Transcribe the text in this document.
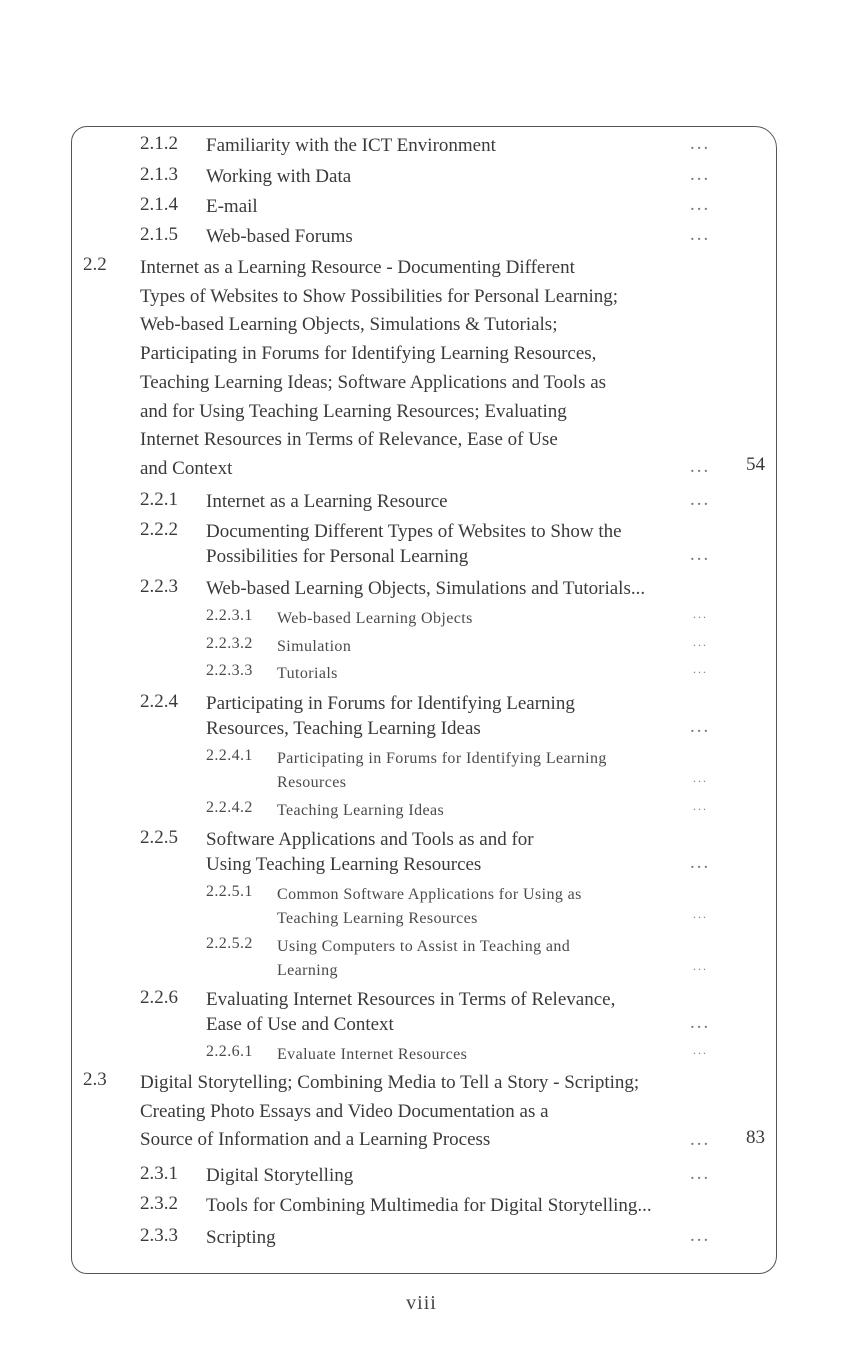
2.1.2 Familiarity with the ICT Environment	...
2.1.3 Working with Data	...
2.1.4 E-mail	...
2.1.5 Web-based Forums	...
2.2 Internet as a Learning Resource - Documenting Different
Types of Websites to Show Possibilities for Personal Learning;
Web-based Learning Objects, Simulations & Tutorials;
Participating in Forums for Identifying Learning Resources,
Teaching Learning Ideas; Software Applications and Tools as
and for Using Teaching Learning Resources; Evaluating
Internet Resources in Terms of Relevance, Ease of Use
and Context	... 54
2.2.1 Internet as a Learning Resource	...
2.2.2 Documenting Different Types of Websites to Show the
Possibilities for Personal Learning	...
2.2.3 Web-based Learning Objects, Simulations and Tutorials...
2.2.3.1 Web-based Learning Objects	...
2.2.3.2 Simulation	...
2.2.3.3 Tutorials	...
2.2.4 Participating in Forums for Identifying Learning
Resources, Teaching Learning Ideas	...
2.2.4.1 Participating in Forums for Identifying Learning
Resources	...
2.2.4.2 Teaching Learning Ideas	...
2.2.5 Software Applications and Tools as and for
Using Teaching Learning Resources	...
2.2.5.1 Common Software Applications for Using as
Teaching Learning Resources	...
2.2.5.2 Using Computers to Assist in Teaching and
Learning	...
2.2.6 Evaluating Internet Resources in Terms of Relevance,
Ease of Use and Context	...
2.2.6.1 Evaluate Internet Resources	...
2.3 Digital Storytelling; Combining Media to Tell a Story - Scripting;
Creating Photo Essays and Video Documentation as a
Source of Information and a Learning Process	... 83
2.3.1 Digital Storytelling	...
2.3.2 Tools for Combining Multimedia for Digital Storytelling...
2.3.3 Scripting	...
viii
